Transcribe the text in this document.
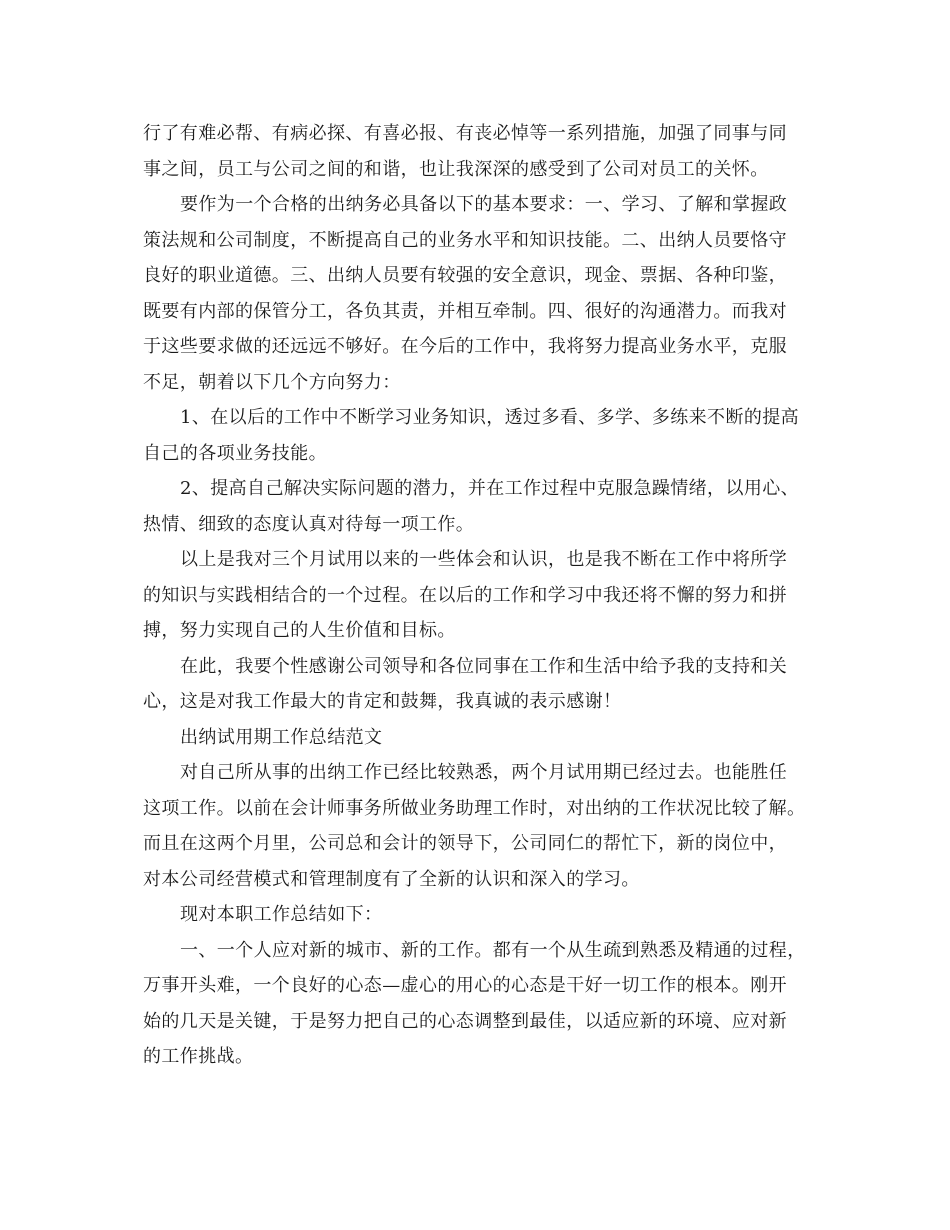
行了有难必帮、有病必探、有喜必报、有丧必悼等一系列措施，加强了同事与同
事之间，员工与公司之间的和谐，也让我深深的感受到了公司对员工的关怀。
要作为一个合格的出纳务必具备以下的基本要求：一、学习、了解和掌握政
策法规和公司制度，不断提高自己的业务水平和知识技能。二、出纳人员要恪守
良好的职业道德。三、出纳人员要有较强的安全意识，现金、票据、各种印鉴，
既要有内部的保管分工，各负其责，并相互牵制。四、很好的沟通潜力。而我对
于这些要求做的还远远不够好。在今后的工作中，我将努力提高业务水平，克服
不足，朝着以下几个方向努力：
1、在以后的工作中不断学习业务知识，透过多看、多学、多练来不断的提高
自己的各项业务技能。
2、提高自己解决实际问题的潜力，并在工作过程中克服急躁情绪，以用心、
热情、细致的态度认真对待每一项工作。
以上是我对三个月试用以来的一些体会和认识，也是我不断在工作中将所学
的知识与实践相结合的一个过程。在以后的工作和学习中我还将不懈的努力和拼
搏，努力实现自己的人生价值和目标。
在此，我要个性感谢公司领导和各位同事在工作和生活中给予我的支持和关
心，这是对我工作最大的肯定和鼓舞，我真诚的表示感谢！
出纳试用期工作总结范文
对自己所从事的出纳工作已经比较熟悉，两个月试用期已经过去。也能胜任
这项工作。以前在会计师事务所做业务助理工作时，对出纳的工作状况比较了解。
而且在这两个月里，公司总和会计的领导下，公司同仁的帮忙下，新的岗位中，
对本公司经营模式和管理制度有了全新的认识和深入的学习。
现对本职工作总结如下：
一、一个人应对新的城市、新的工作。都有一个从生疏到熟悉及精通的过程，
万事开头难，一个良好的心态—虚心的用心的心态是干好一切工作的根本。刚开
始的几天是关键，于是努力把自己的心态调整到最佳，以适应新的环境、应对新
的工作挑战。
